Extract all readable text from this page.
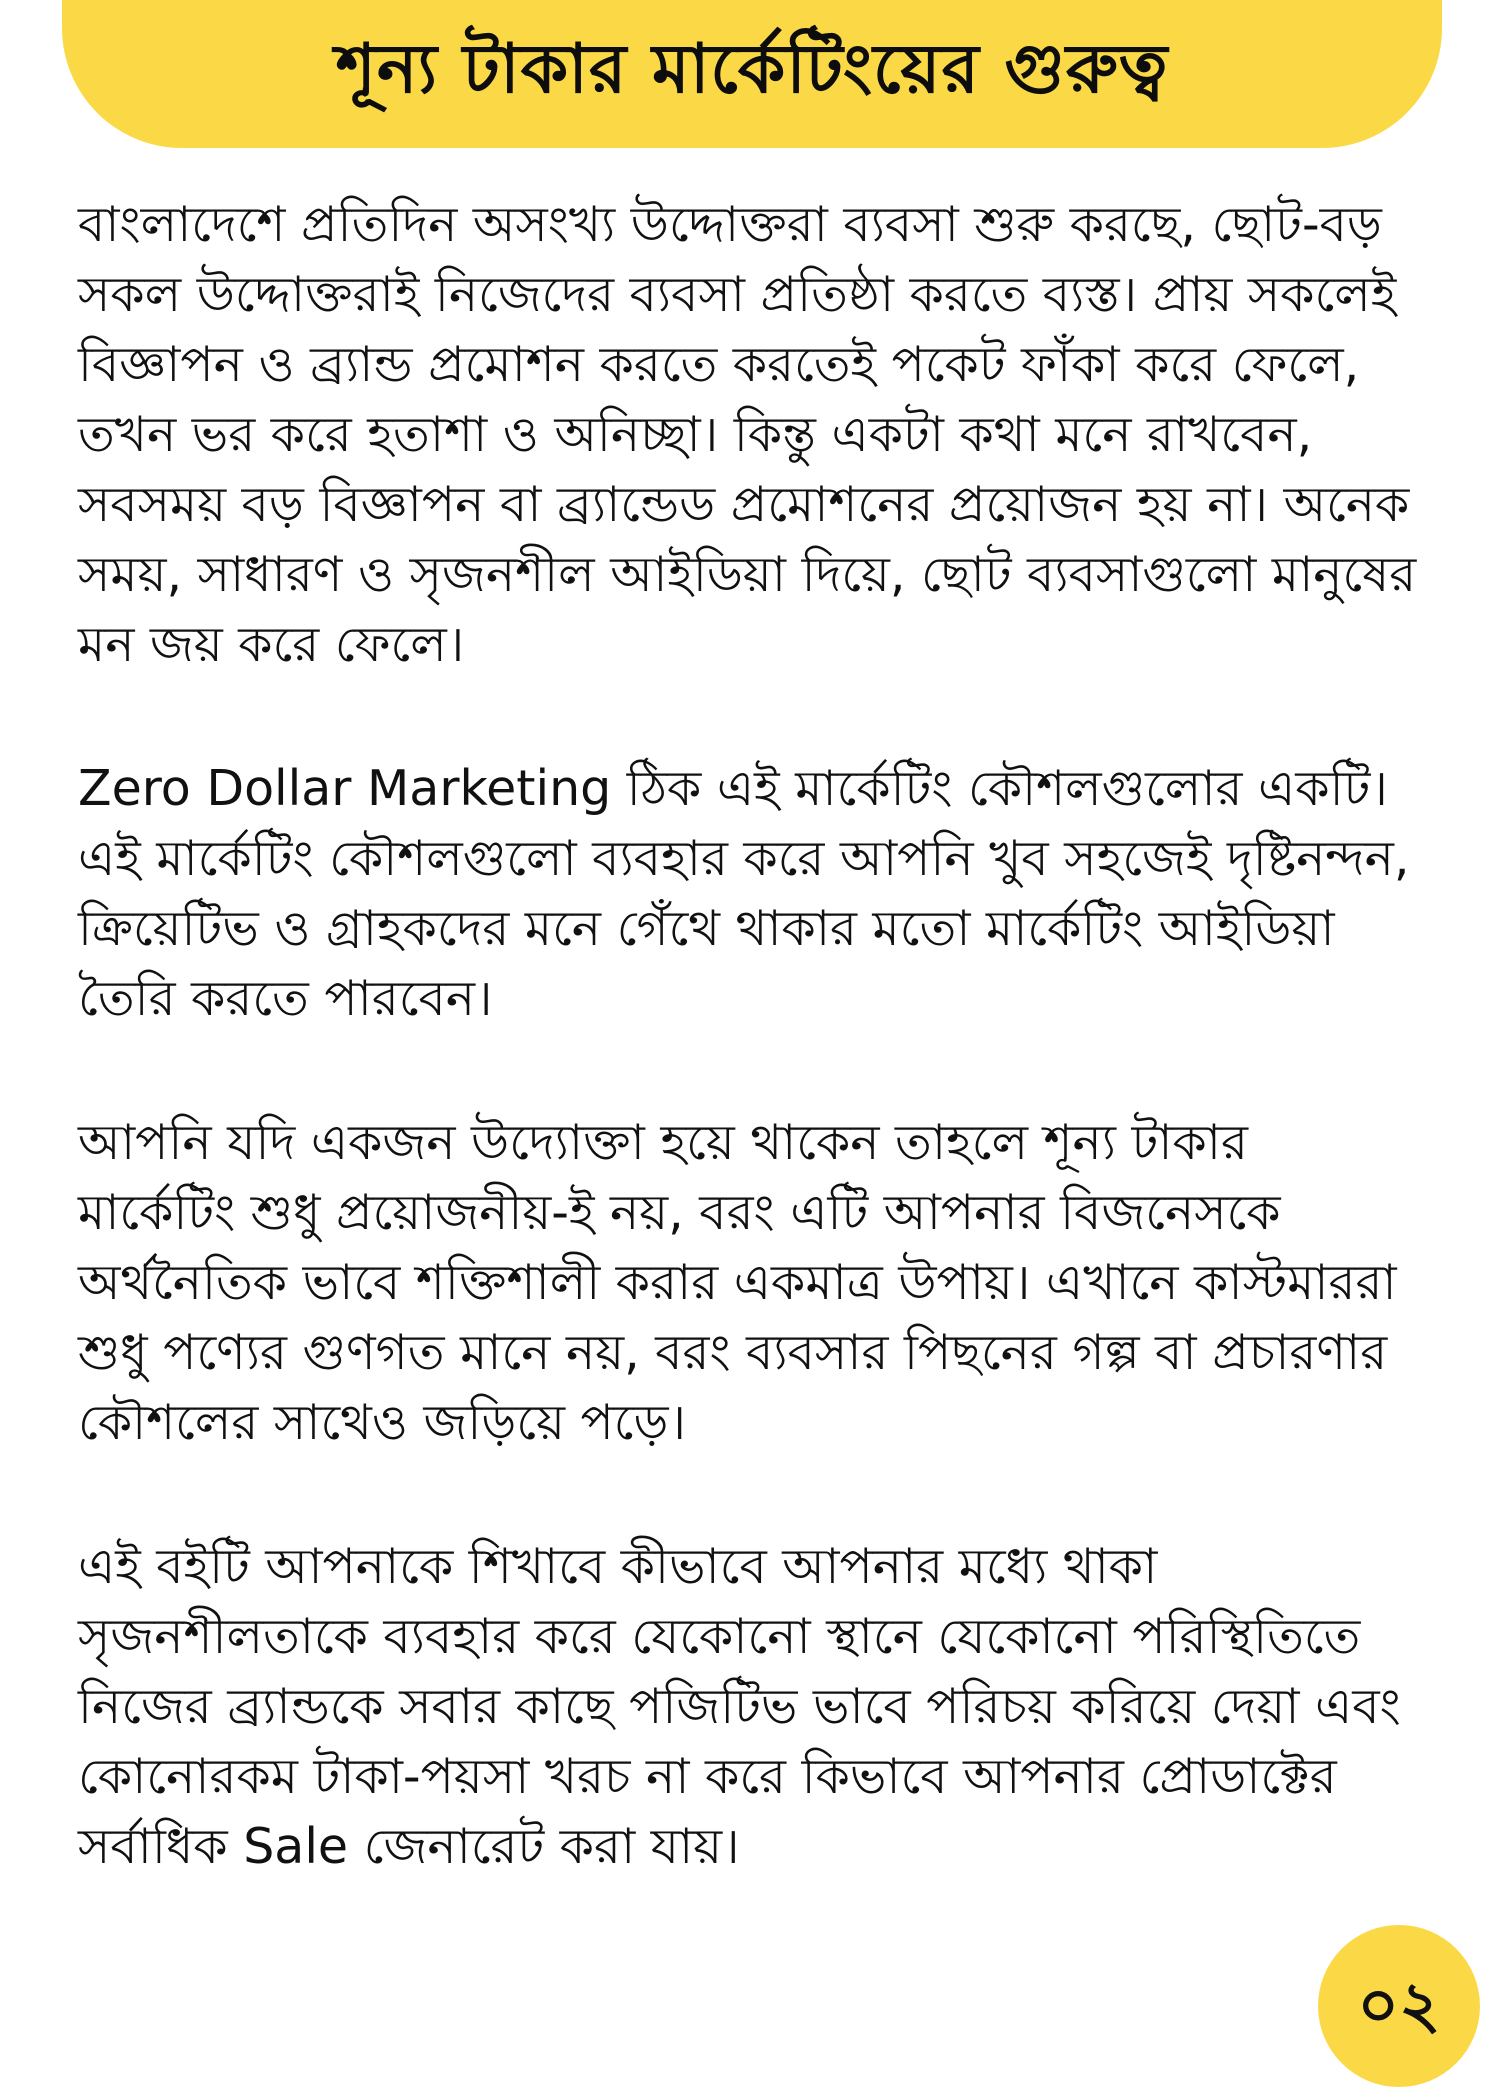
শূন্য টাকার মার্কেটিংয়ের গুরুত্ব

বাংলাদেশে প্রতিদিন অসংখ্য উদ্দোক্তরা ব্যবসা শুরু করছে, ছোট-বড় সকল উদ্দোক্তরাই নিজেদের ব্যবসা প্রতিষ্ঠা করতে ব্যস্ত। প্রায় সকলেই বিজ্ঞাপন ও ব্র্যান্ড প্রমোশন করতে করতেই পকেট ফাঁকা করে ফেলে, তখন ভর করে হতাশা ও অনিচ্ছা। কিন্তু একটা কথা মনে রাখবেন, সবসময় বড় বিজ্ঞাপন বা ব্র্যান্ডেড প্রমোশনের প্রয়োজন হয় না। অনেক সময়, সাধারণ ও সৃজনশীল আইডিয়া দিয়ে, ছোট ব্যবসাগুলো মানুষের মন জয় করে ফেলে।

Zero Dollar Marketing ঠিক এই মার্কেটিং কৌশলগুলোর একটি। এই মার্কেটিং কৌশলগুলো ব্যবহার করে আপনি খুব সহজেই দৃষ্টিনন্দন, ক্রিয়েটিভ ও গ্রাহকদের মনে গেঁথে থাকার মতো মার্কেটিং আইডিয়া তৈরি করতে পারবেন।

আপনি যদি একজন উদ্যোক্তা হয়ে থাকেন তাহলে শূন্য টাকার মার্কেটিং শুধু প্রয়োজনীয়-ই নয়, বরং এটি আপনার বিজনেসকে অর্থনৈতিক ভাবে শক্তিশালী করার একমাত্র উপায়। এখানে কাস্টমাররা শুধু পণ্যের গুণগত মানে নয়, বরং ব্যবসার পিছনের গল্প বা প্রচারণার কৌশলের সাথেও জড়িয়ে পড়ে।

এই বইটি আপনাকে শিখাবে কীভাবে আপনার মধ্যে থাকা সৃজনশীলতাকে ব্যবহার করে যেকোনো স্থানে যেকোনো পরিস্থিতিতে নিজের ব্র্যান্ডকে সবার কাছে পজিটিভ ভাবে পরিচয় করিয়ে দেয়া এবং কোনোরকম টাকা-পয়সা খরচ না করে কিভাবে আপনার প্রোডাক্টের সর্বাধিক Sale জেনারেট করা যায়।

০২
